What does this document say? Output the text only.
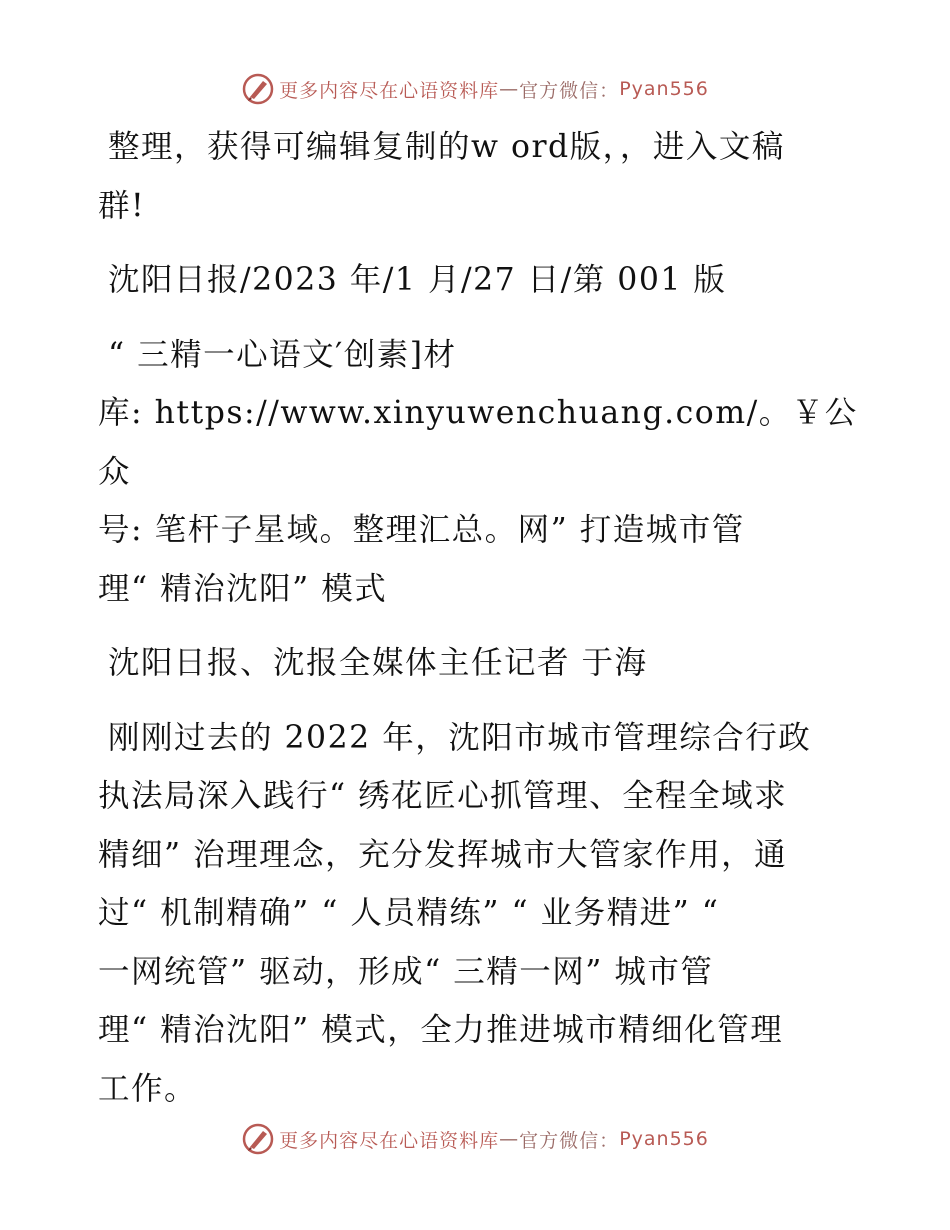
更多内容尽在心语资料库 — 官方微信： Pyan556

整理，获得可编辑复制的w ord版，，进入文稿

群!

沈阳日报/2023 年/1 月/27 日/第 001 版

“ 三精一心语文′创素]材

库: https://www.xinyuwenchuang.com/。￥公众

号: 笔杆子星域。整理汇总。网” 打造城市管

理“ 精治沈阳” 模式

沈阳日报、沈报全媒体主任记者 于海

刚刚过去的 2022 年，沈阳市城市管理综合行政

执法局深入践行“ 绣花匠心抓管理、全程全域求

精细” 治理理念，充分发挥城市大管家作用，通

过“ 机制精确” “ 人员精练” “ 业务精进” “

一网统管” 驱动，形成“ 三精一网” 城市管

理“ 精治沈阳” 模式，全力推进城市精细化管理

工作。

更多内容尽在心语资料库 — 官方微信： Pyan556
